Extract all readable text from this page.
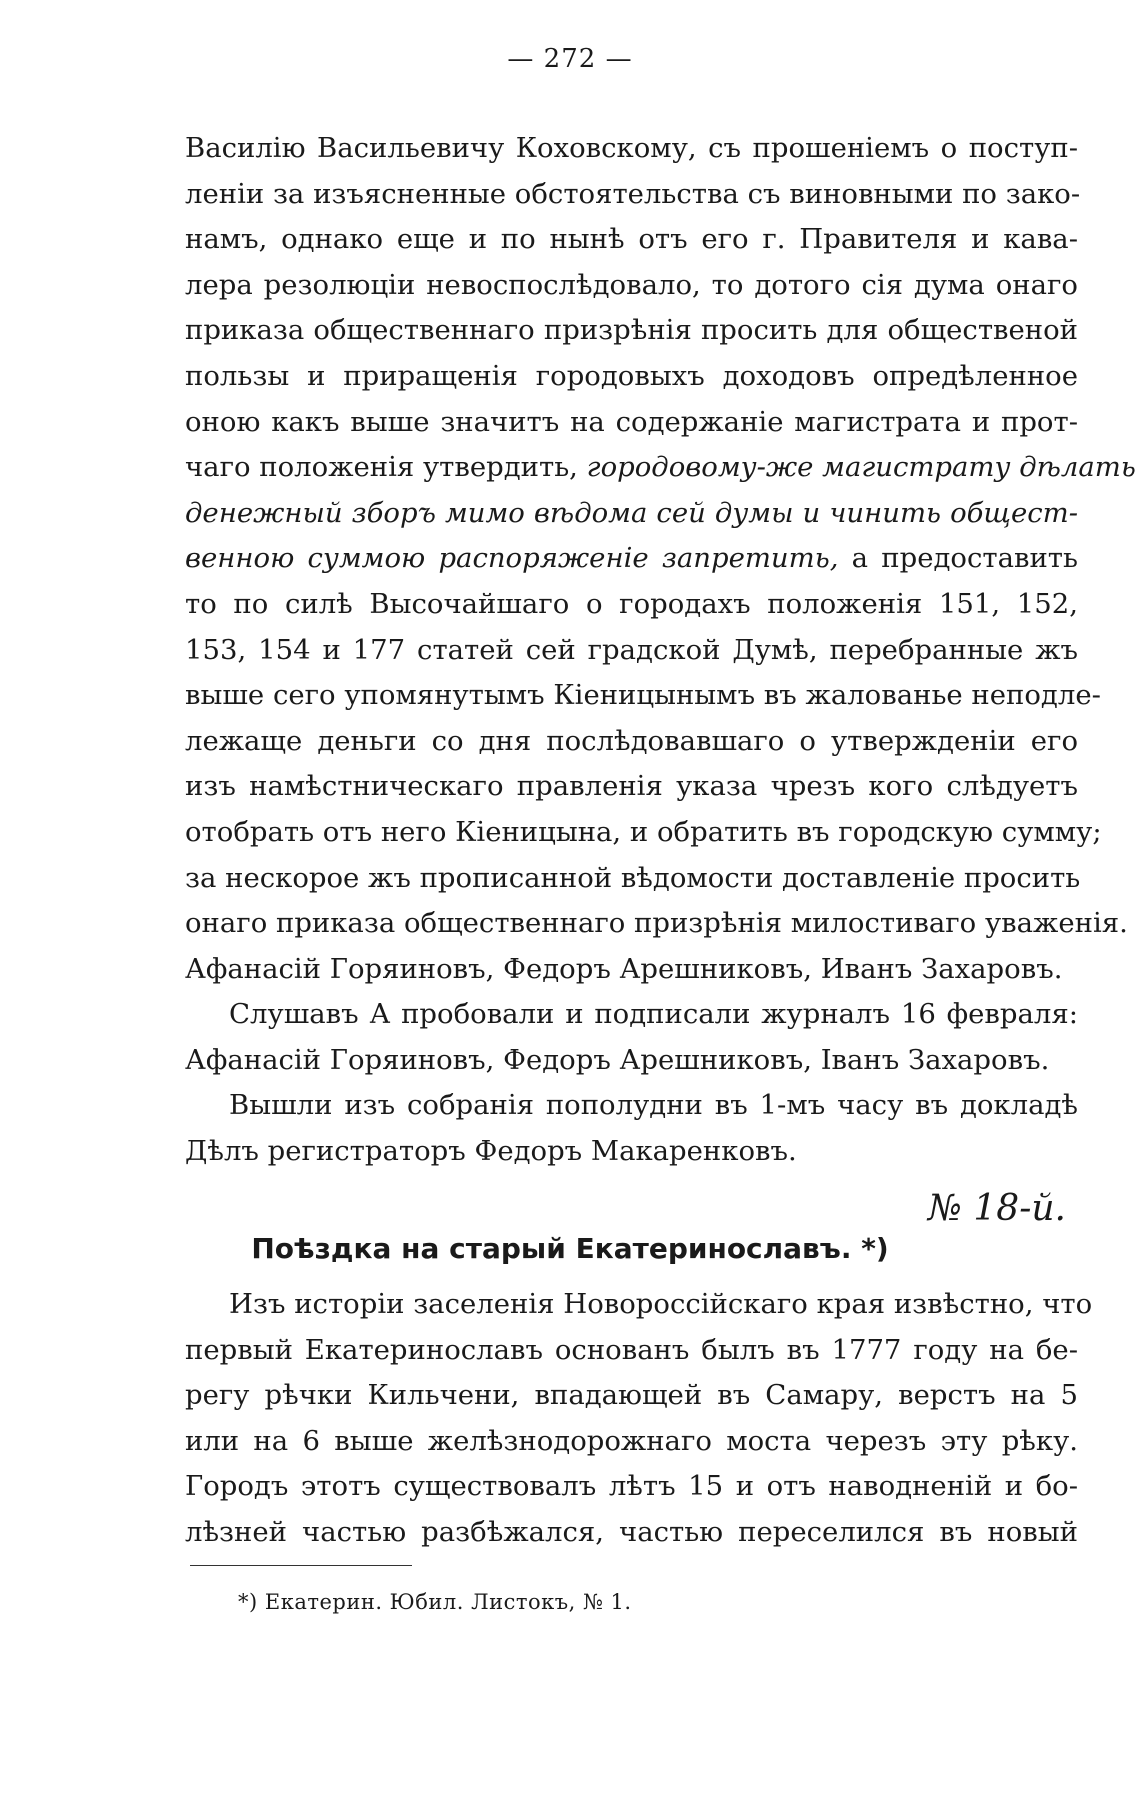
— 272 —
Василію Васильевичу Коховскому, съ прошеніемъ о поступ-
леніи за изъясненные обстоятельства съ виновными по зако-
намъ, однако еще и по нынѣ отъ его г. Правителя и кава-
лера резолюціи невоспослѣдовало, то дотого сія дума онаго
приказа общественнаго призрѣнія просить для общественой
пользы и приращенія городовыхъ доходовъ опредѣленное
оною какъ выше значитъ на содержаніе магистрата и прот-
чаго положенія утвердить, городовому-же магистрату дѣлать
денежный зборъ мимо вѣдома сей думы и чинить общест-
венною суммою распоряженіе запретить, а предоставить
то по силѣ Высочайшаго о городахъ положенія 151, 152,
153, 154 и 177 статей сей градской Думѣ, перебранные жъ
выше сего упомянутымъ Кіеницынымъ въ жалованье неподле-
лежаще деньги со дня послѣдовавшаго о утвержденіи его
изъ намѣстническаго правленія указа чрезъ кого слѣдуетъ
отобрать отъ него Кіеницына, и обратить въ городскую сумму;
за нескорое жъ прописанной вѣдомости доставленіе просить
онаго приказа общественнаго призрѣнія милостиваго уваженія.
Афанасій Горяиновъ, Федоръ Арешниковъ, Иванъ Захаровъ.
Слушавъ А пробовали и подписали журналъ 16 февраля:
Афанасій Горяиновъ, Федоръ Арешниковъ, Іванъ Захаровъ.
Вышли изъ собранія пополудни въ 1-мъ часу въ докладѣ
Дѣлъ регистраторъ Федоръ Макаренковъ.
№ 18-й.
Поѣздка на старый Екатеринославъ. *)
Изъ исторіи заселенія Новороссійскаго края извѣстно, что
первый Екатеринославъ основанъ былъ въ 1777 году на бе-
регу рѣчки Кильчени, впадающей въ Самару, верстъ на 5
или на 6 выше желѣзнодорожнаго моста черезъ эту рѣку.
Городъ этотъ существовалъ лѣтъ 15 и отъ наводненій и бо-
лѣзней частью разбѣжался, частью переселился въ новый
*) Екатерин. Юбил. Листокъ, № 1.
